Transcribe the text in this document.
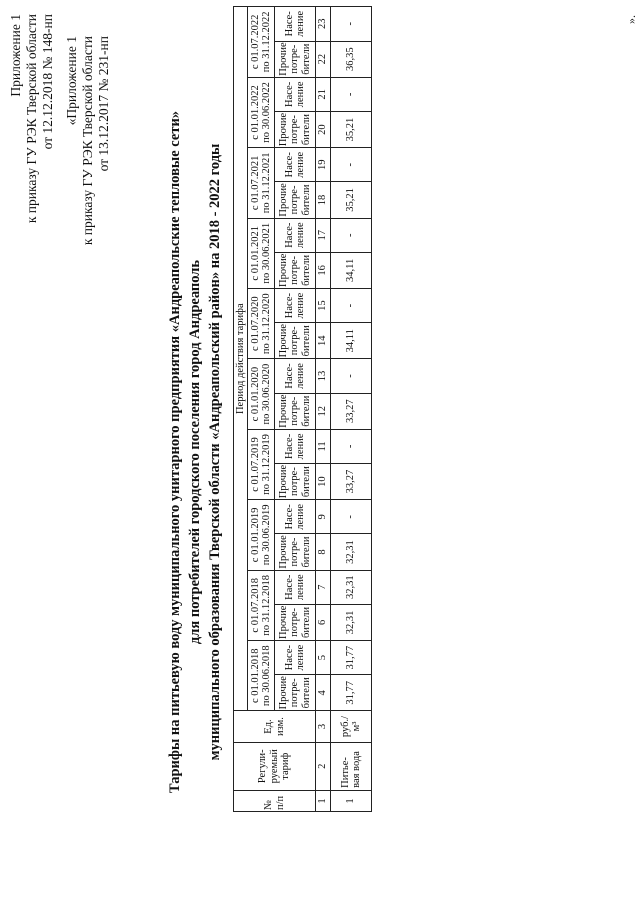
Приложение 1 к приказу ГУ РЭК Тверской области от 12.12.2018 № 148-нп «Приложение 1 к приказу ГУ РЭК Тверской области от 13.12.2017 № 231-нп
Тарифы на питьевую воду муниципального унитарного предприятия «Андреапольские тепловые сети» для потребителей городского поселения город Андреаполь муниципального образования Тверской области «Андреапольский район» на 2018 - 2022 годы
№ п/п	Регули-руемый тариф	Ед. изм.	Период действия тарифа																			
			с 01.01.2018 по 30.06.2018		с 01.07.2018 по 31.12.2018		с 01.01.2019 по 30.06.2019		с 01.07.2019 по 31.12.2019		с 01.01.2020 по 30.06.2020		с 01.07.2020 по 31.12.2020		с 01.01.2021 по 30.06.2021		с 01.07.2021 по 31.12.2021		с 01.01.2022 по 30.06.2022		с 01.07.2022 по 31.12.2022	
			Прочие потре-бители	Насе-ление	Прочие потре-бители	Насе-ление	Прочие потре-бители	Насе-ление	Прочие потре-бители	Насе-ление	Прочие потре-бители	Насе-ление	Прочие потре-бители	Насе-ление	Прочие потре-бители	Насе-ление	Прочие потре-бители	Насе-ление	Прочие потре-бители	Насе-ление	Прочие потре-бители	Насе-ление
1	2	3	4	5	6	7	8	9	10	11	12	13	14	15	16	17	18	19	20	21	22	23
1	Питье-вая вода	руб./м³	31,77	31,77	32,31	32,31	32,31	-	33,27	-	33,27	-	34,11	-	34,11	-	35,21	-	35,21	-	36,35	-	».
